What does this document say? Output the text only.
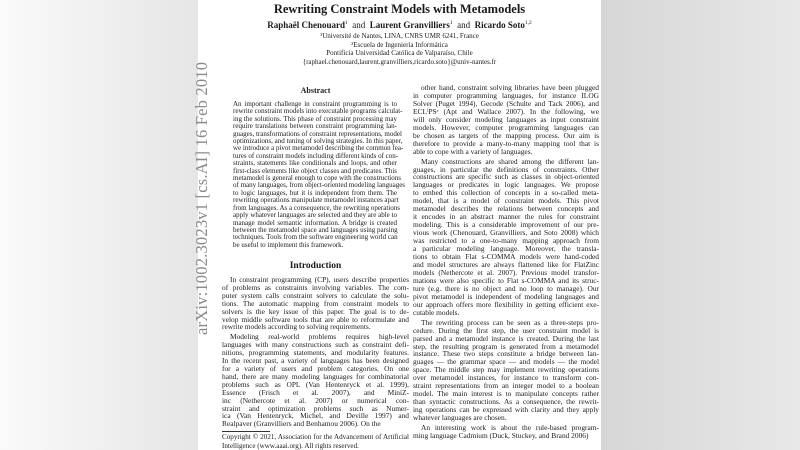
arXiv:1002.3023v1 [cs.AI] 16 Feb 2010
Rewriting Constraint Models with Metamodels
Raphaël Chenouard$^1$ and Laurent Granvilliers$^1$ and Ricardo Soto$^{1,2}$
¹Université de Nantes, LINA, CNRS UMR 6241, France
²Escuela de Ingeniería Informática
Pontificia Universidad Católica de Valparaíso, Chile
{raphael.chenouard,laurent.granvilliers,ricardo.soto}@univ-nantes.fr
Abstract
An important challenge in constraint programming is to
rewrite constraint models into executable programs calculat-
ing the solutions. This phase of constraint processing may
require translations between constraint programming lan-
guages, transformations of constraint representations, model
optimizations, and tuning of solving strategies. In this paper,
we introduce a pivot metamodel describing the common fea-
tures of constraint models including different kinds of con-
straints, statements like conditionals and loops, and other
first-class elements like object classes and predicates. This
metamodel is general enough to cope with the constructions
of many languages, from object-oriented modeling languages
to logic languages, but it is independent from them. The
rewriting operations manipulate metamodel instances apart
from languages. As a consequence, the rewriting operations
apply whatever languages are selected and they are able to
manage model semantic information. A bridge is created
between the metamodel space and languages using parsing
techniques. Tools from the software engineering world can
be useful to implement this framework.
Introduction
In constraint programming (CP), users describe properties
of problems as constraints involving variables. The com-
puter system calls constraint solvers to calculate the solu-
tions. The automatic mapping from constraint models to
solvers is the key issue of this paper. The goal is to de-
velop middle software tools that are able to reformulate and
rewrite models according to solving requirements.
Modeling real-world problems requires high-level
languages with many constructions such as constraint defi-
nitions, programming statements, and modularity features.
In the recent past, a variety of languages has been designed
for a variety of users and problem categories. On one
hand, there are many modeling languages for combinatorial
problems such as OPL (Van Hentenryck et al. 1999),
Essence (Frisch et al. 2007), and MiniZ-
inc (Nethercote et al. 2007) or numerical con-
straint and optimization problems such as Numer-
ica (Van Hentenryck, Michel, and Deville 1997) and
Realpaver (Granvilliers and Benhamou 2006). On the
Copyright © 2021, Association for the Advancement of Artificial
Intelligence (www.aaai.org). All rights reserved.
other hand, constraint solving libraries have been plugged
in computer programming languages, for instance ILOG
Solver (Puget 1994), Gecode (Schulte and Tack 2006), and
ECLⁱPSᵉ (Apt and Wallace 2007). In the following, we
will only consider modeling languages as input constraint
models. However, computer programming languages can
be chosen as targets of the mapping process. Our aim is
therefore to provide a many-to-many mapping tool that is
able to cope with a variety of languages.
Many constructions are shared among the different lan-
guages, in particular the definitions of constraints. Other
constructions are specific such as classes in object-oriented
languages or predicates in logic languages. We propose
to embed this collection of concepts in a so-called meta-
model, that is a model of constraint models. This pivot
metamodel describes the relations between concepts and
it encodes in an abstract manner the rules for constraint
modeling. This is a considerable improvement of our pre-
vious work (Chenouard, Granvilliers, and Soto 2008) which
was restricted to a one-to-many mapping approach from
a particular modeling language. Moreover, the transla-
tions to obtain Flat s-COMMA models were hand-coded
and model structures are always flattened like for FlatZinc
models (Nethercote et al. 2007). Previous model transfor-
mations were also specific to Flat s-COMMA and its struc-
ture (e.g. there is no object and no loop to manage). Our
pivot metamodel is independent of modeling languages and
our approach offers more flexibility in getting efficient exe-
cutable models.
The rewriting process can be seen as a three-steps pro-
cedure. During the first step, the user constraint model is
parsed and a metamodel instance is created. During the last
step, the resulting program is generated from a metamodel
instance. These two steps constitute a bridge between lan-
guages — the grammar space — and models — the model
space. The middle step may implement rewriting operations
over metamodel instances, for instance to transform con-
straint representations from an integer model to a boolean
model. The main interest is to manipulate concepts rather
than syntactic constructions. As a consequence, the rewrit-
ing operations can be expressed with clarity and they apply
whatever languages are chosen.
An interesting work is about the rule-based program-
ming language Cadmium (Duck, Stuckey, and Brand 2006)
